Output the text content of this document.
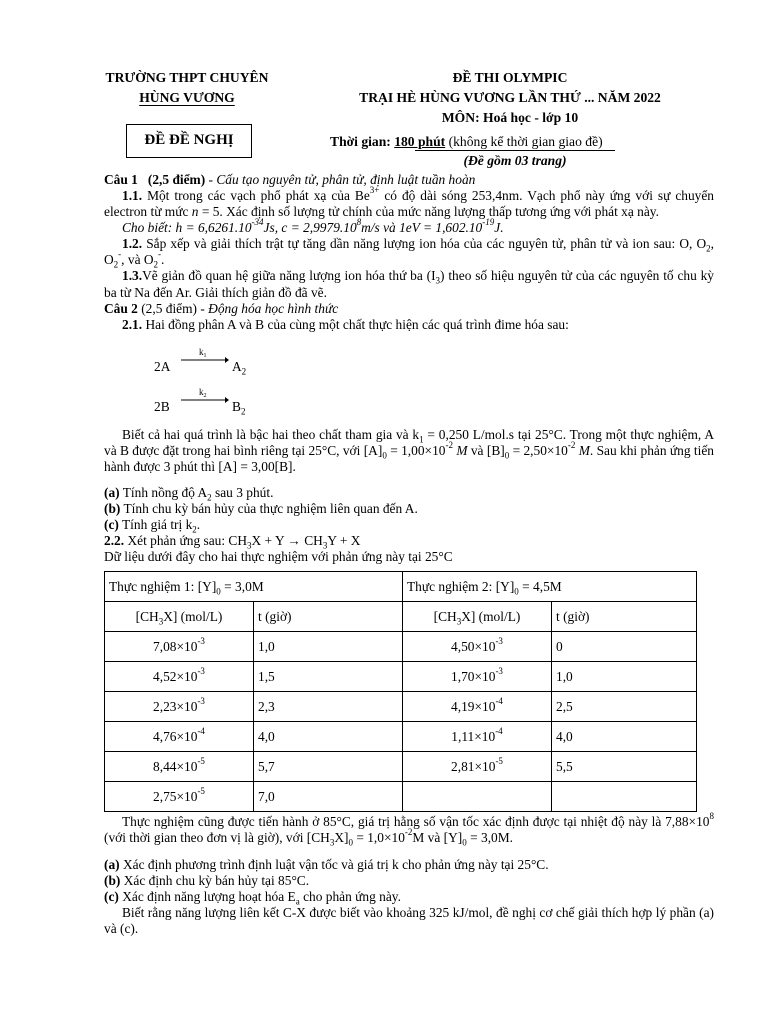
TRƯỜNG THPT CHUYÊN
HÙNG VƯƠNG
ĐỀ THI OLYMPIC
TRẠI HÈ HÙNG VƯƠNG LẦN THỨ ... NĂM 2022
MÔN: Hoá học - lớp 10
ĐỀ ĐỀ NGHỊ	Thời gian: 180 phút (không kể thời gian giao đề)
(Đề gồm 03 trang)

Câu 1 (2,5 điểm) - Cấu tạo nguyên tử, phân tử, định luật tuần hoàn

1.1. Một trong các vạch phổ phát xạ của $Be^{3+}$ có độ dài sóng 253,4nm. Vạch phổ này ứng với sự chuyển electron từ mức n = 5. Xác định số lượng tử chính của mức năng lượng thấp tương ứng với phát xạ này.

Cho biết: $h = 6,6261.10^{-34}Js$, $c = 2,9979.10^8m/s$ và $1eV = 1,602.10^{-19}J$.

1.2. Sắp xếp và giải thích trật tự tăng dần năng lượng ion hóa của các nguyên tử, phân tử và ion sau: O, $O_2$, $O_2^-$, và $O_2^-$.

1.3.Vẽ giản đồ quan hệ giữa năng lượng ion hóa thứ ba $(I_3)$ theo số hiệu nguyên tử của các nguyên tố chu kỳ ba từ Na đến Ar. Giải thích giản đồ đã vẽ.

Câu 2 (2,5 điểm) - Động hóa học hình thức

2.1. Hai đồng phân A và B của cùng một chất thực hiện các quá trình đime hóa sau:

2A
$k_1$
$A_2$
2B
$k_2$
$B_2$

Biết cả hai quá trình là bậc hai theo chất tham gia và $k_1 = 0,250$ L/mol.s tại 25°C. Trong một thực nghiệm, A và B được đặt trong hai bình riêng tại 25°C, với $[A]_0 = 1,00\times 10^{-2}$ M và $[B]_0 = 2,50\times 10^{-2}$ M. Sau khi phản ứng tiến hành được 3 phút thì [A] = 3,00[B].

(a) Tính nồng độ $A_2$ sau 3 phút.

(b) Tính chu kỳ bán hủy của thực nghiệm liên quan đến A.

(c) Tính giá trị $k_2$.

2.2. Xét phản ứng sau: $CH_3X + Y \to CH_3Y + X$

Dữ liệu dưới đây cho hai thực nghiệm với phản ứng này tại 25°C

Thực nghiệm 1: $[Y]_0 = 3,0M$		Thực nghiệm 2: $[Y]_0 = 4,5M$	
$[CH_3X]$ (mol/L)	t (giờ)	$[CH_3X]$ (mol/L)	t (giờ)
$7,08\times 10^{-3}$	1,0	$4,50\times 10^{-3}$	0
$4,52\times 10^{-3}$	1,5	$1,70\times 10^{-3}$	1,0
$2,23\times 10^{-3}$	2,3	$4,19\times 10^{-4}$	2,5
$4,76\times 10^{-4}$	4,0	$1,11\times 10^{-4}$	4,0
$8,44\times 10^{-5}$	5,7	$2,81\times 10^{-5}$	5,5
$2,75\times 10^{-5}$	7,0		

Thực nghiệm cũng được tiến hành ở 85°C, giá trị hằng số vận tốc xác định được tại nhiệt độ này là $7,88\times 10^8$ (với thời gian theo đơn vị là giờ), với $[CH_3X]_0 = 1,0\times 10^{-2}M$ và $[Y]_0 = 3,0M$.

(a) Xác định phương trình định luật vận tốc và giá trị k cho phản ứng này tại 25°C.

(b) Xác định chu kỳ bán hủy tại 85°C.

(c) Xác định năng lượng hoạt hóa $E_a$ cho phản ứng này.

Biết rằng năng lượng liên kết C-X được biết vào khoảng 325 kJ/mol, đề nghị cơ chế giải thích hợp lý phần (a) và (c).
